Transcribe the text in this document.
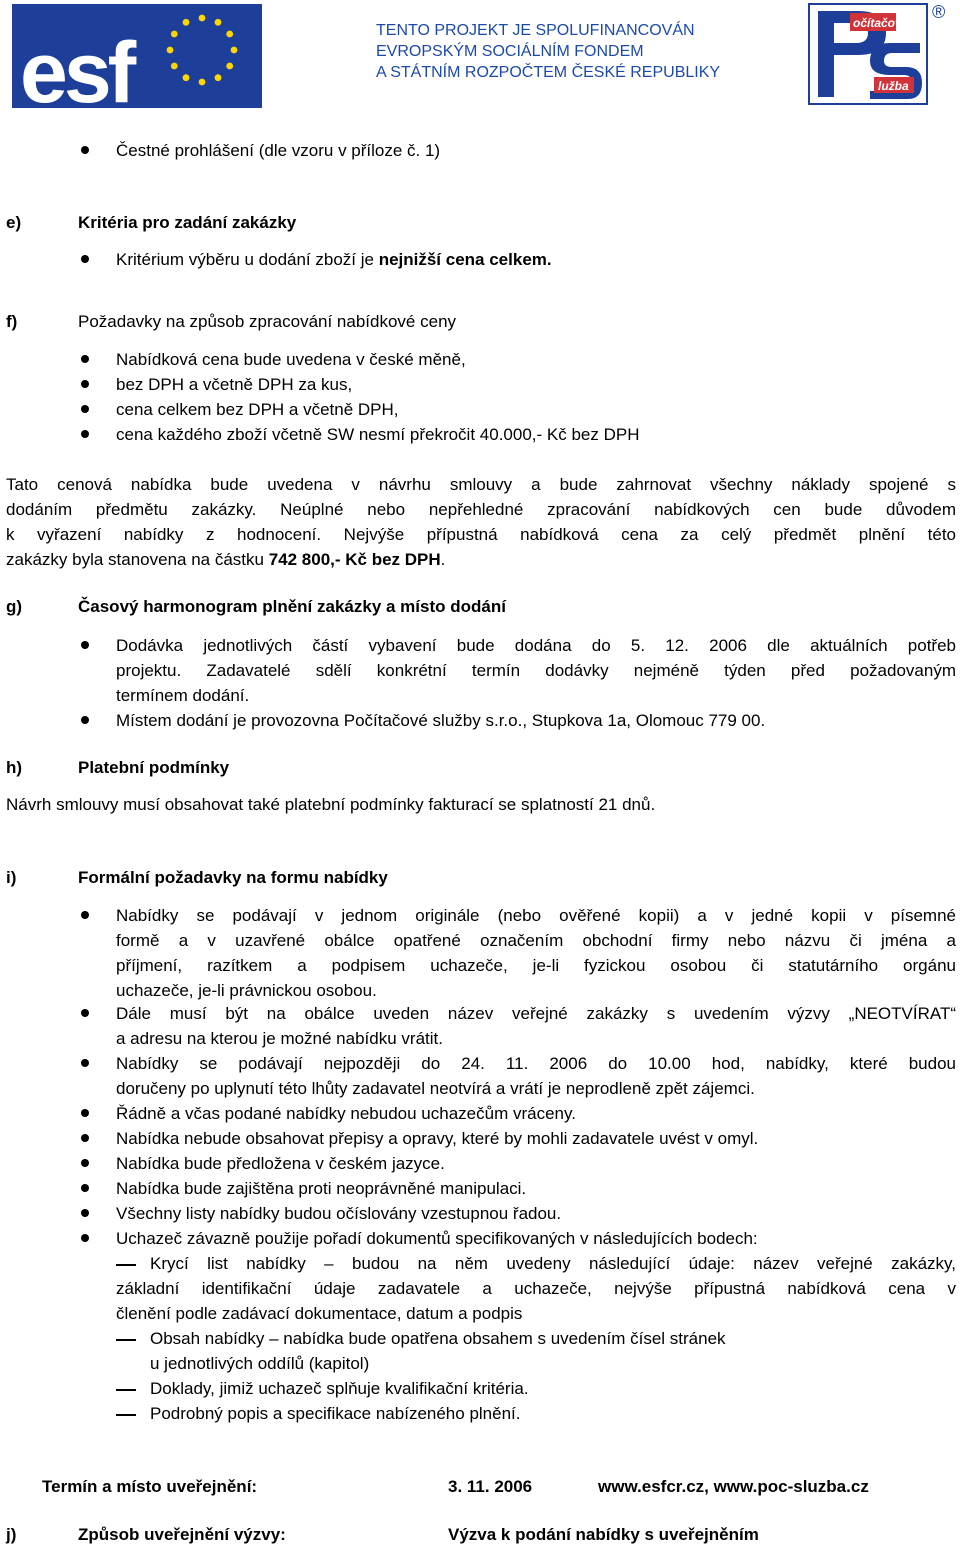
esf	TENTO PROJEKT JE SPOLUFINANCOVÁN
EVROPSKÝM SOCIÁLNÍM FONDEM
A STÁTNÍM ROZPOČTEM ČESKÉ REPUBLIKY
očítačová
lužba
®
Čestné prohlášení (dle vzoru v příloze č. 1)
e)	Kritéria pro zadání zakázky
Kritérium výběru u dodání zboží je nejnižší cena celkem.
f)	Požadavky na způsob zpracování nabídkové ceny
Nabídková cena bude uvedena v české měně,
bez DPH a včetně DPH za kus,
cena celkem bez DPH a včetně DPH,
cena každého zboží včetně SW nesmí překročit 40.000,- Kč bez DPH
Tato cenová nabídka bude uvedena v návrhu smlouvy a bude zahrnovat všechny náklady spojené s
dodáním předmětu zakázky. Neúplné nebo nepřehledné zpracování nabídkových cen bude důvodem
k vyřazení nabídky z hodnocení. Nejvýše přípustná nabídková cena za celý předmět plnění této
zakázky byla stanovena na částku 742 800,- Kč bez DPH.
g)	Časový harmonogram plnění zakázky a místo dodání
Dodávka jednotlivých částí vybavení bude dodána do 5. 12. 2006 dle aktuálních potřeb
projektu. Zadavatelé sdělí konkrétní termín dodávky nejméně týden před požadovaným
termínem dodání.
Místem dodání je provozovna Počítačové služby s.r.o., Stupkova 1a, Olomouc 779 00.
h)	Platební podmínky
Návrh smlouvy musí obsahovat také platební podmínky fakturací se splatností 21 dnů.
i)	Formální požadavky na formu nabídky
Nabídky se podávají v jednom originále (nebo ověřené kopii) a v jedné kopii v písemné
formě a v uzavřené obálce opatřené označením obchodní firmy nebo názvu či jména a
příjmení, razítkem a podpisem uchazeče, je-li fyzickou osobou či statutárního orgánu
uchazeče, je-li právnickou osobou.
Dále musí být na obálce uveden název veřejné zakázky s uvedením výzvy „NEOTVÍRAT“
a adresu na kterou je možné nabídku vrátit.
Nabídky se podávají nejpozději do 24. 11. 2006 do 10.00 hod, nabídky, které budou
doručeny po uplynutí této lhůty zadavatel neotvírá a vrátí je neprodleně zpět zájemci.
Řádně a včas podané nabídky nebudou uchazečům vráceny.
Nabídka nebude obsahovat přepisy a opravy, které by mohli zadavatele uvést v omyl.
Nabídka bude předložena v českém jazyce.
Nabídka bude zajištěna proti neoprávněné manipulaci.
Všechny listy nabídky budou očíslovány vzestupnou řadou.
Uchazeč závazně použije pořadí dokumentů specifikovaných v následujících bodech:
Krycí list nabídky – budou na něm uvedeny následující údaje: název veřejné zakázky,
základní identifikační údaje zadavatele a uchazeče, nejvýše přípustná nabídková cena v
členění podle zadávací dokumentace, datum a podpis
Obsah nabídky – nabídka bude opatřena obsahem s uvedením čísel stránek
u jednotlivých oddílů (kapitol)
Doklady, jimiž uchazeč splňuje kvalifikační kritéria.
Podrobný popis a specifikace nabízeného plnění.
Termín a místo uveřejnění:	3. 11. 2006	www.esfcr.cz, www.poc-sluzba.cz
j)	Způsob uveřejnění výzvy:	Výzva k podání nabídky s uveřejněním
